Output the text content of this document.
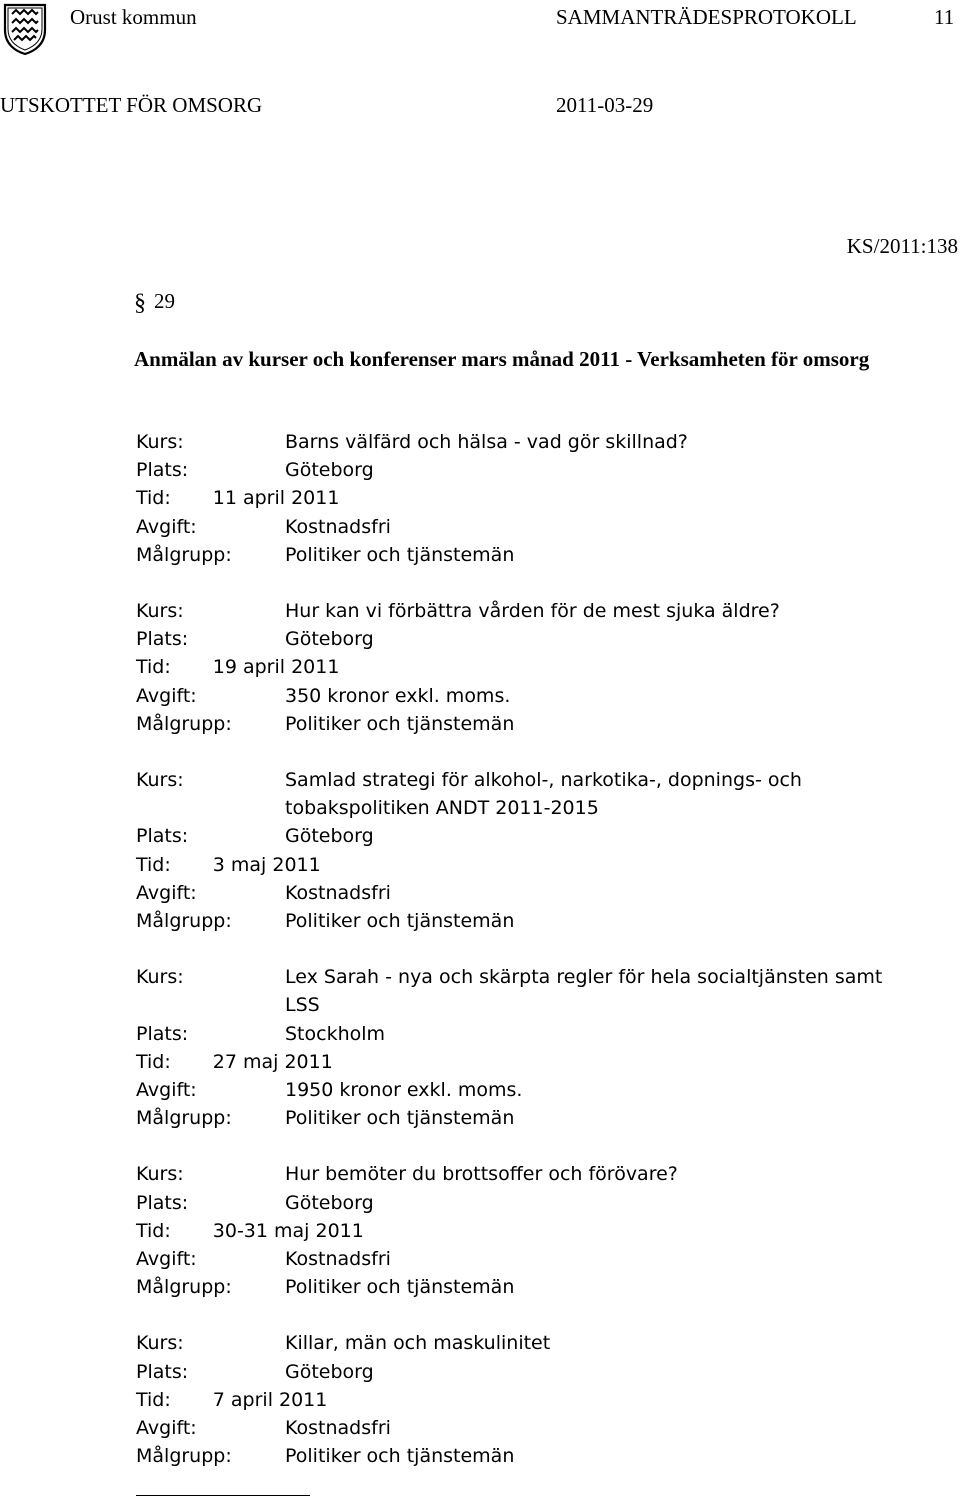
Orust kommun	SAMMANTRÄDESPROTOKOLL	11
UTSKOTTET FÖR OMSORG	2011-03-29
KS/2011:138
§ 29
Anmälan av kurser och konferenser mars månad 2011 - Verksamheten för omsorg
Kurs:	Barns välfärd och hälsa - vad gör skillnad?
Plats:	Göteborg
Tid: 11 april 2011
Avgift:	Kostnadsfri
Målgrupp:	Politiker och tjänstemän
Kurs:	Hur kan vi förbättra vården för de mest sjuka äldre?
Plats:	Göteborg
Tid: 19 april 2011
Avgift:	350 kronor exkl. moms.
Målgrupp:	Politiker och tjänstemän
Kurs:	Samlad strategi för alkohol-, narkotika-, dopnings- och tobakspolitiken ANDT 2011-2015
Plats:	Göteborg
Tid: 3 maj 2011
Avgift:	Kostnadsfri
Målgrupp:	Politiker och tjänstemän
Kurs:	Lex Sarah - nya och skärpta regler för hela socialtjänsten samt LSS
Plats:	Stockholm
Tid: 27 maj 2011
Avgift:	1950 kronor exkl. moms.
Målgrupp:	Politiker och tjänstemän
Kurs:	Hur bemöter du brottsoffer och förövare?
Plats:	Göteborg
Tid: 30-31 maj 2011
Avgift:	Kostnadsfri
Målgrupp:	Politiker och tjänstemän
Kurs:	Killar, män och maskulinitet
Plats:	Göteborg
Tid: 7 april 2011
Avgift:	Kostnadsfri
Målgrupp:	Politiker och tjänstemän
